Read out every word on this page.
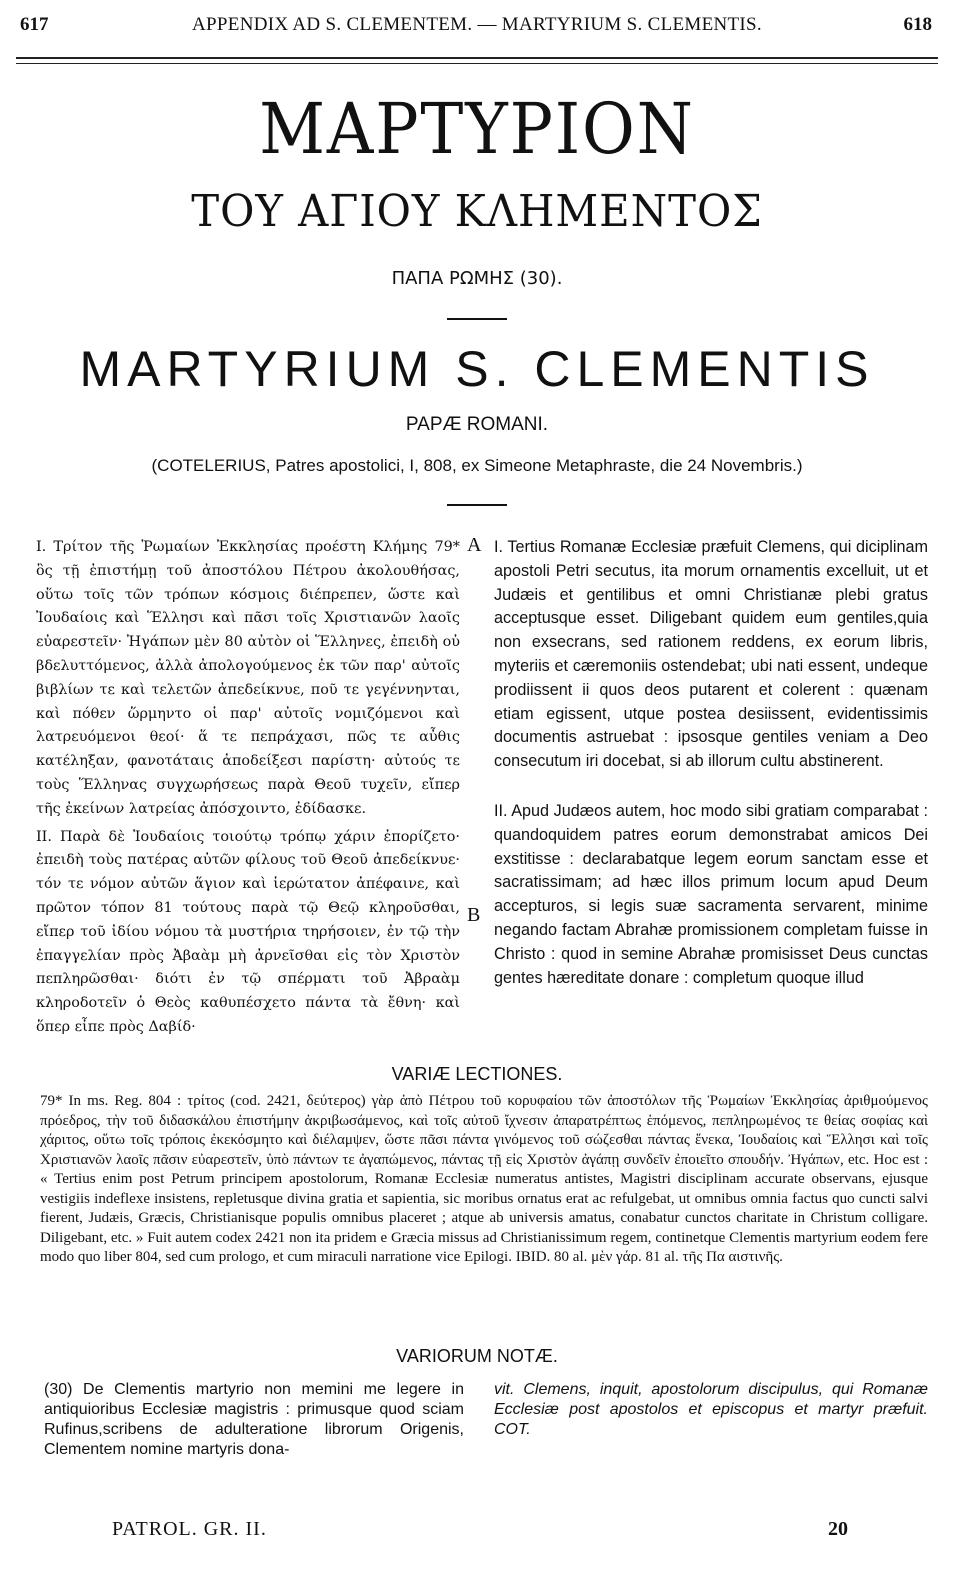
617	APPENDIX AD S. CLEMENTEM. — MARTYRIUM S. CLEMENTIS.	618
ΜΑΡΤΥΡΙΟΝ
ΤΟΥ ΑΓΙΟΥ ΚΛΗΜΕΝΤΟΣ
ΠΑΠΑ ΡΩΜΗΣ (30).
MARTYRIUM S. CLEMENTIS
PAPÆ ROMANI.
(COTELERIUS, Patres apostolici, I, 808, ex Simeone Metaphraste, die 24 Novembris.)
A
B

I. Τρίτον τῆς Ῥωμαίων Ἐκκλησίας προέστη Κλήμης 79* ὃς τῇ ἐπιστήμῃ τοῦ ἀποστόλου Πέτρου ἀκολουθήσας, οὕτω τοῖς τῶν τρόπων κόσμοις διέπρεπεν, ὥστε καὶ Ἰουδαίοις καὶ Ἕλλησι καὶ πᾶσι τοῖς Χριστιανῶν λαοῖς εὐαρεστεῖν· Ἠγάπων μὲν 80 αὐτὸν οἱ Ἕλληνες, ἐπειδὴ οὐ βδελυττόμενος, ἀλλὰ ἀπολογούμενος ἐκ τῶν παρ' αὐτοῖς βιβλίων τε καὶ τελετῶν ἀπεδείκνυε, ποῦ τε γεγέννηνται, καὶ πόθεν ὥρμηντο οἱ παρ' αὐτοῖς νομιζόμενοι καὶ λατρευόμενοι θεοί· ἅ τε πεπράχασι, πῶς τε αὖθις κατέληξαν, φανοτάταις ἀποδείξεσι παρίστη· αὐτούς τε τοὺς Ἕλληνας συγχωρήσεως παρὰ Θεοῦ τυχεῖν, εἴπερ τῆς ἐκείνων λατρείας ἀπόσχοιντο, ἐδίδασκε.

II. Παρὰ δὲ Ἰουδαίοις τοιούτῳ τρόπῳ χάριν ἐπορίζετο· ἐπειδὴ τοὺς πατέρας αὐτῶν φίλους τοῦ Θεοῦ ἀπεδείκνυε· τόν τε νόμον αὐτῶν ἅγιον καὶ ἱερώτατον ἀπέφαινε, καὶ πρῶτον τόπον 81 τούτους παρὰ τῷ Θεῷ κληροῦσθαι, εἴπερ τοῦ ἰδίου νόμου τὰ μυστήρια τηρήσοιεν, ἐν τῷ τὴν ἐπαγγελίαν πρὸς Ἀβαὰμ μὴ ἀρνεῖσθαι εἰς τὸν Χριστὸν πεπληρῶσθαι· διότι ἐν τῷ σπέρματι τοῦ Ἀβραὰμ κληροδοτεῖν ὁ Θεὸς καθυπέσχετο πάντα τὰ ἔθνη· καὶ ὅπερ εἶπε πρὸς Δαβίδ·

I. Tertius Romanæ Ecclesiæ præfuit Clemens, qui diciplinam apostoli Petri secutus, ita morum ornamentis excelluit, ut et Judæis et gentilibus et omni Christianæ plebi gratus acceptusque esset. Diligebant quidem eum gentiles,quia non exsecrans, sed rationem reddens, ex eorum libris, myteriis et cæremoniis ostendebat; ubi nati essent, undeque prodiissent ii quos deos putarent et colerent : quænam etiam egissent, utque postea desiissent, evidentissimis documentis astruebat : ipsosque gentiles veniam a Deo consecutum iri docebat, si ab illorum cultu abstinerent.

II. Apud Judæos autem, hoc modo sibi gratiam comparabat : quandoquidem patres eorum demonstrabat amicos Dei exstitisse : declarabatque legem eorum sanctam esse et sacratissimam; ad hæc illos primum locum apud Deum accepturos, si legis suæ sacramenta servarent, minime negando factam Abrahæ promissionem completam fuisse in Christo : quod in semine Abrahæ promisisset Deus cunctas gentes hæreditate donare : completum quoque illud

VARIÆ LECTIONES.

79* In ms. Reg. 804 : τρίτος (cod. 2421, δεύτερος) γὰρ ἀπὸ Πέτρου τοῦ κορυφαίου τῶν ἀποστόλων τῆς Ῥωμαίων Ἐκκλησίας ἀριθμούμενος πρόεδρος, τὴν τοῦ διδασκάλου ἐπιστήμην ἀκριβωσάμενος, καὶ τοῖς αὐτοῦ ἴχνεσιν ἀπαρατρέπτως ἑπόμενος, πεπληρωμένος τε θείας σοφίας καὶ χάριτος, οὕτω τοῖς τρόποις ἐκεκόσμητο καὶ διέλαμψεν, ὥστε πᾶσι πάντα γινόμενος τοῦ σώζεσθαι πάντας ἕνεκα, Ἰουδαίοις καὶ Ἕλλησι καὶ τοῖς Χριστιανῶν λαοῖς πᾶσιν εὐαρεστεῖν, ὑπὸ πάντων τε ἀγαπώμενος, πάντας τῇ εἰς Χριστὸν ἀγάπῃ συνδεῖν ἐποιεῖτο σπουδήν. Ἠγάπων, etc. Hoc est : « Tertius enim post Petrum principem apostolorum, Romanæ Ecclesiæ numeratus antistes, Magistri disciplinam accurate observans, ejusque vestigiis indeflexe insistens, repletusque divina gratia et sapientia, sic moribus ornatus erat ac refulgebat, ut omnibus omnia factus quo cuncti salvi fierent, Judæis, Græcis, Christianisque populis omnibus placeret ; atque ab universis amatus, conabatur cunctos charitate in Christum colligare. Diligebant, etc. » Fuit autem codex 2421 non ita pridem e Græcia missus ad Christianissimum regem, continetque Clementis martyrium eodem fere modo quo liber 804, sed cum prologo, et cum miraculi narratione vice Epilogi. IBID. 80 al. μὲν γάρ. 81 al. τῆς Πα αιστινῆς.

VARIORUM NOTÆ.
(30) De Clementis martyrio non memini me legere in antiquioribus Ecclesiæ magistris : primusque quod sciam Rufinus,scribens de adulteratione librorum Origenis, Clementem nomine martyris dona-
vit. Clemens, inquit, apostolorum discipulus, qui Romanæ Ecclesiæ post apostolos et episcopus et martyr præfuit. COT.
PATROL. GR. II.	20
